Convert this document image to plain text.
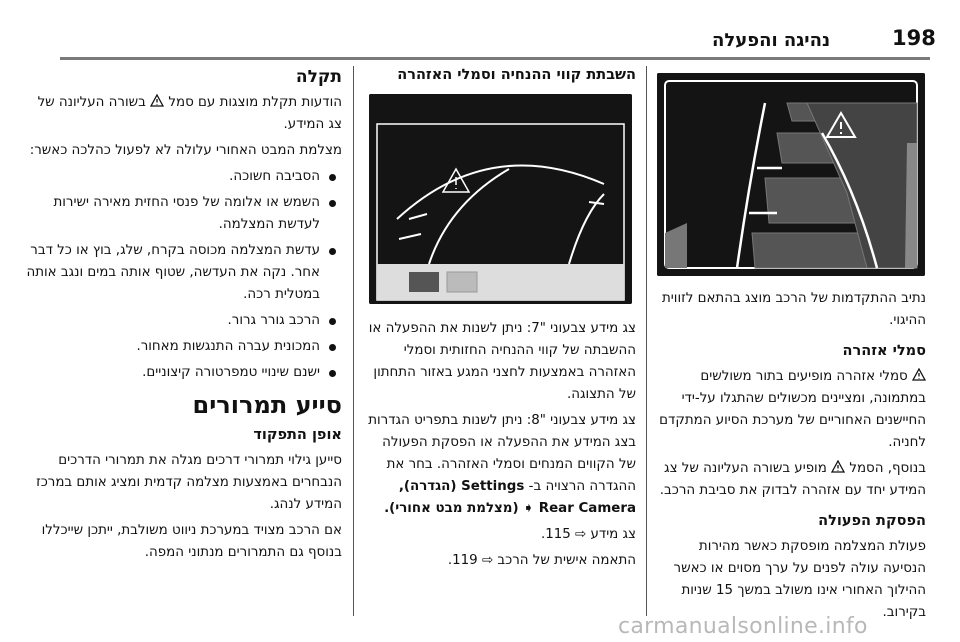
198
נהיגה והפעלה
תקלה

הודעות תקלת מוצגות עם סמל  בשורה העליונה של צג המידע.

מצלמת המבט האחורי עלולה לא לפעול כהלכה כאשר:

הסביבה חשוכה.
השמש או אלומה של פנסי החזית מאירה ישירות לעדשת המצלמה.
עדשת המצלמה מכוסה בקרח, שלג, בוץ או כל דבר אחר. נקה את העדשה, שטוף אותה במים ונגב אותה במטלית רכה.
הרכב גורר גרור.
המכונית עברה התנגשות מאחור.
ישנם שינויי טמפרטורה קיצוניים.
סייע תמרורים
אופן התפקוד

סייען גילוי תמרורי דרכים מגלה את תמרורי הדרכים הנבחרים באמצעות מצלמה קדמית ומציג אותם במרכז המידע לנהג.

אם הרכב מצויד במערכת ניווט משולבת, ייתכן שייכללו בנוסף גם התמרורים מנתוני המפה.

השבתת קווי ההנחיה וסמלי האזהרה

צג מידע צבעוני "7: ניתן לשנות את ההפעלה או ההשבתה של קווי ההנחיה החזותית וסמלי האזהרה באמצעות לחצני המגע באזור התחתון של התצוגה.

צג מידע צבעוני "8: ניתן לשנות בתפריט הגדרות בצג המידע את ההפעלה או הפסקת הפעולה של הקווים המנחים וסמלי האזהרה. בחר את ההגדרה הרצויה ב- Settings (הגדרה), Rear Camera ➧ (מצלמת מבט אחורי).

צג מידע ⇨ 115.

התאמה אישית של הרכב ⇨ 119.

נתיב ההתקדמות של הרכב מוצג בהתאם לזווית ההיגוי.

סמלי אזהרה

סמלי אזהרה מופיעים בתור משולשים במתמונה, ומציינים מכשולים שהתגלו על-ידי החיישנים האחוריים של מערכת הסיוע המתקדם לחניה.

בנוסף, הסמל  מופיע בשורה העליונה של צג המידע יחד עם אזהרה לבדוק את סביבת הרכב.

הפסקת הפעולה

פעולת המצלמה מופסקת כאשר מהירות הנסיעה עולה לפנים על ערך מסוים או כאשר ההילוך האחורי אינו משולב במשך 15 שניות בקירוב.

carmanualsonline.info
